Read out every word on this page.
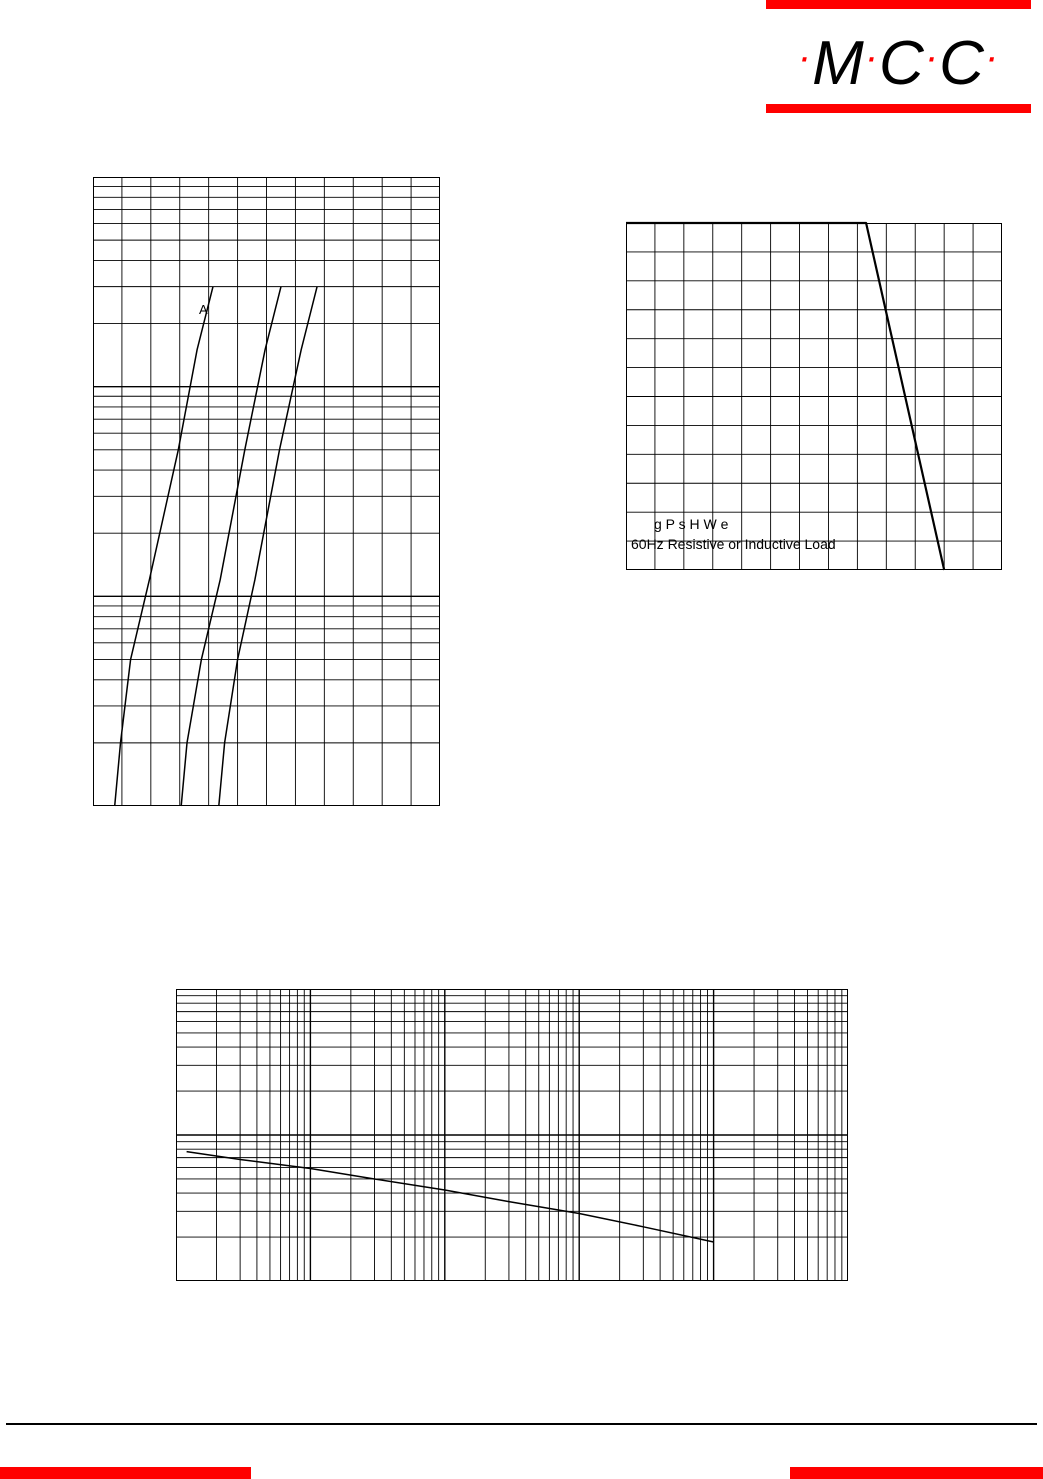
·M·C·C·
A
g P s H W e
60Hz Resistive or Inductive Load
